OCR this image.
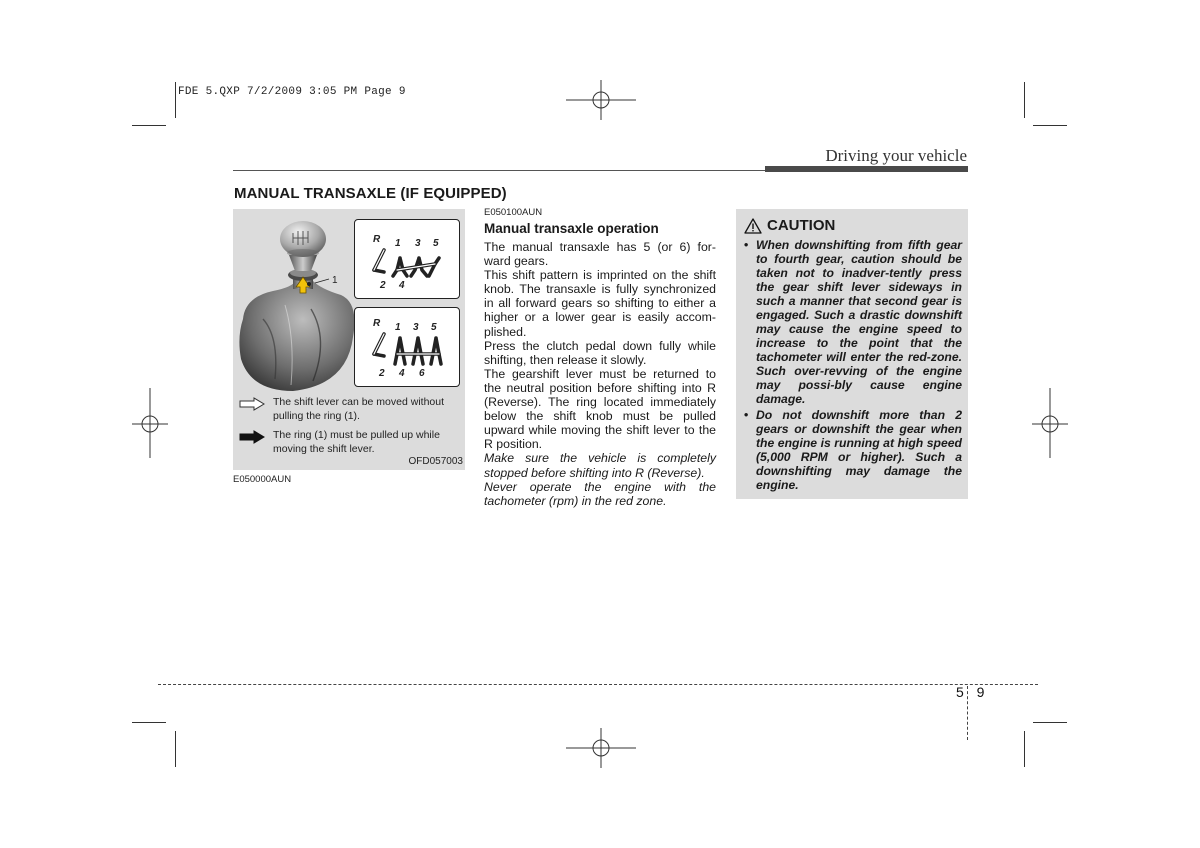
FDE 5.QXP 7/2/2009 3:05 PM Page 9
Driving your vehicle
MANUAL TRANSAXLE (IF EQUIPPED)
1
R 1 3 5
2 4
R 1 3 5
2 4 6
The shift lever can be moved without pulling the ring (1).
The ring (1) must be pulled up while moving the shift lever.
OFD057003
E050000AUN
E050100AUN
Manual transaxle operation

The manual transaxle has 5 (or 6) for-ward gears.

This shift pattern is imprinted on the shift knob. The transaxle is fully synchronized in all forward gears so shifting to either a higher or a lower gear is easily accom-plished.

Press the clutch pedal down fully while shifting, then release it slowly.

The gearshift lever must be returned to the neutral position before shifting into R (Reverse). The ring located immediately below the shift knob must be pulled upward while moving the shift lever to the R position.

Make sure the vehicle is completely stopped before shifting into R (Reverse).

Never operate the engine with the tachometer (rpm) in the red zone.

CAUTION
• When downshifting from fifth gear to fourth gear, caution should be taken not to inadver-tently press the gear shift lever sideways in such a manner that second gear is engaged. Such a drastic downshift may cause the engine speed to increase to the point that the tachometer will enter the red-zone. Such over-revving of the engine may possi-bly cause engine damage.
• Do not downshift more than 2 gears or downshift the gear when the engine is running at high speed (5,000 RPM or higher). Such a downshifting may damage the engine.
5 9
